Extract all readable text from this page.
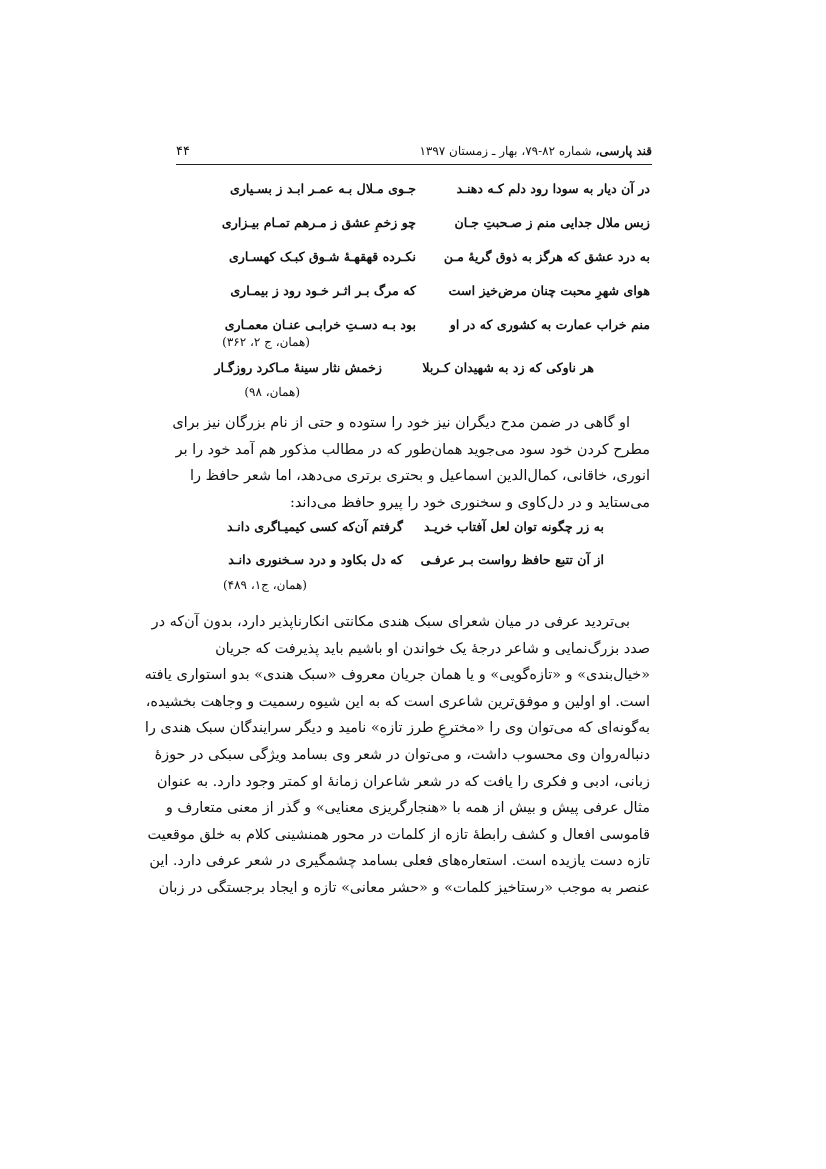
قند پارسی، شماره ۸۲-۷۹، بهار ـ زمستان ۱۳۹۷
۴۴
در آن دیار به سودا رود دلم کـه دهنـد
جـوی مـلال بـه عمـر ابـد ز بسـیاری
زبس ملال جدایی منم ز صـحبتِ جـان
چو زخمِ عشق ز مـرهم تمـام بیـزاری
به درد عشق که هرگز به ذوق گریهٔ مـن
نکـرده قهقهـهٔ شـوق کبـک کهسـاری
هوای شهرِ محبت چنان مرض‌خیز است
که مرگ بـر اثـر خـود رود ز بیمـاری
منم خراب عمارت به کشوری که در او
بود بـه دسـتِ خرابـی عنـان معمـاری
(همان، ج ۲، ۳۶۲)
هر ناوکی که زد به شهیدان کـربلا
زخمش نثار سینهٔ مـاکرد روزگـار
(همان، ۹۸)
او گاهی در ضمن مدح دیگران نیز خود را ستوده و حتی از نام بزرگان نیز برای
مطرح کردن خود سود می‌جوید همان‌طور که در مطالب مذکور هم آمد خود را بر
انوری، خاقانی، کمال‌الدین اسماعیل و بحتری برتری می‌دهد، اما شعر حافظ را
می‌ستاید و در دل‌کاوی و سخنوری خود را پیرو حافظ می‌داند:
به زر چگونه توان لعل آفتاب خریـد
گرفتم آن‌که کسی کیمیـاگری دانـد
از آن تتبع حافظ رواست بـر عرفـی
که دل بکاود و درد سـخنوری دانـد
(همان، ج۱، ۴۸۹)
بی‌تردید عرفی در میان شعرای سبک هندی مکانتی انکارناپذیر دارد، بدون آن‌که در
صدد بزرگ‌نمایی و شاعر درجهٔ یک خواندن او باشیم باید پذیرفت که جریان
«خیال‌بندی» و «تازه‌گویی» و یا همان جریان معروف «سبک هندی» بدو استواری یافته
است. او اولین و موفق‌ترین شاعری است که به این شیوه رسمیت و وجاهت بخشیده،
به‌گونه‌ای که می‌توان وی را «مخترعِ طرز تازه» نامید و دیگر سرایندگان سبک هندی را
دنباله‌روان وی محسوب داشت، و می‌توان در شعر وی بسامد ویژگی سبکی در حوزهٔ
زبانی، ادبی و فکری را یافت که در شعر شاعران زمانهٔ او کمتر وجود دارد. به عنوان
مثال عرفی پیش و بیش از همه با «هنجارگریزی معنایی» و گذر از معنی متعارف و
قاموسی افعال و کشف رابطهٔ تازه از کلمات در محور همنشینی کلام به خلق موقعیت
تازه دست یازیده است. استعاره‌های فعلی بسامد چشمگیری در شعر عرفی دارد. این
عنصر به موجب «رستاخیز کلمات» و «حشر معانی» تازه و ایجاد برجستگی در زبان
